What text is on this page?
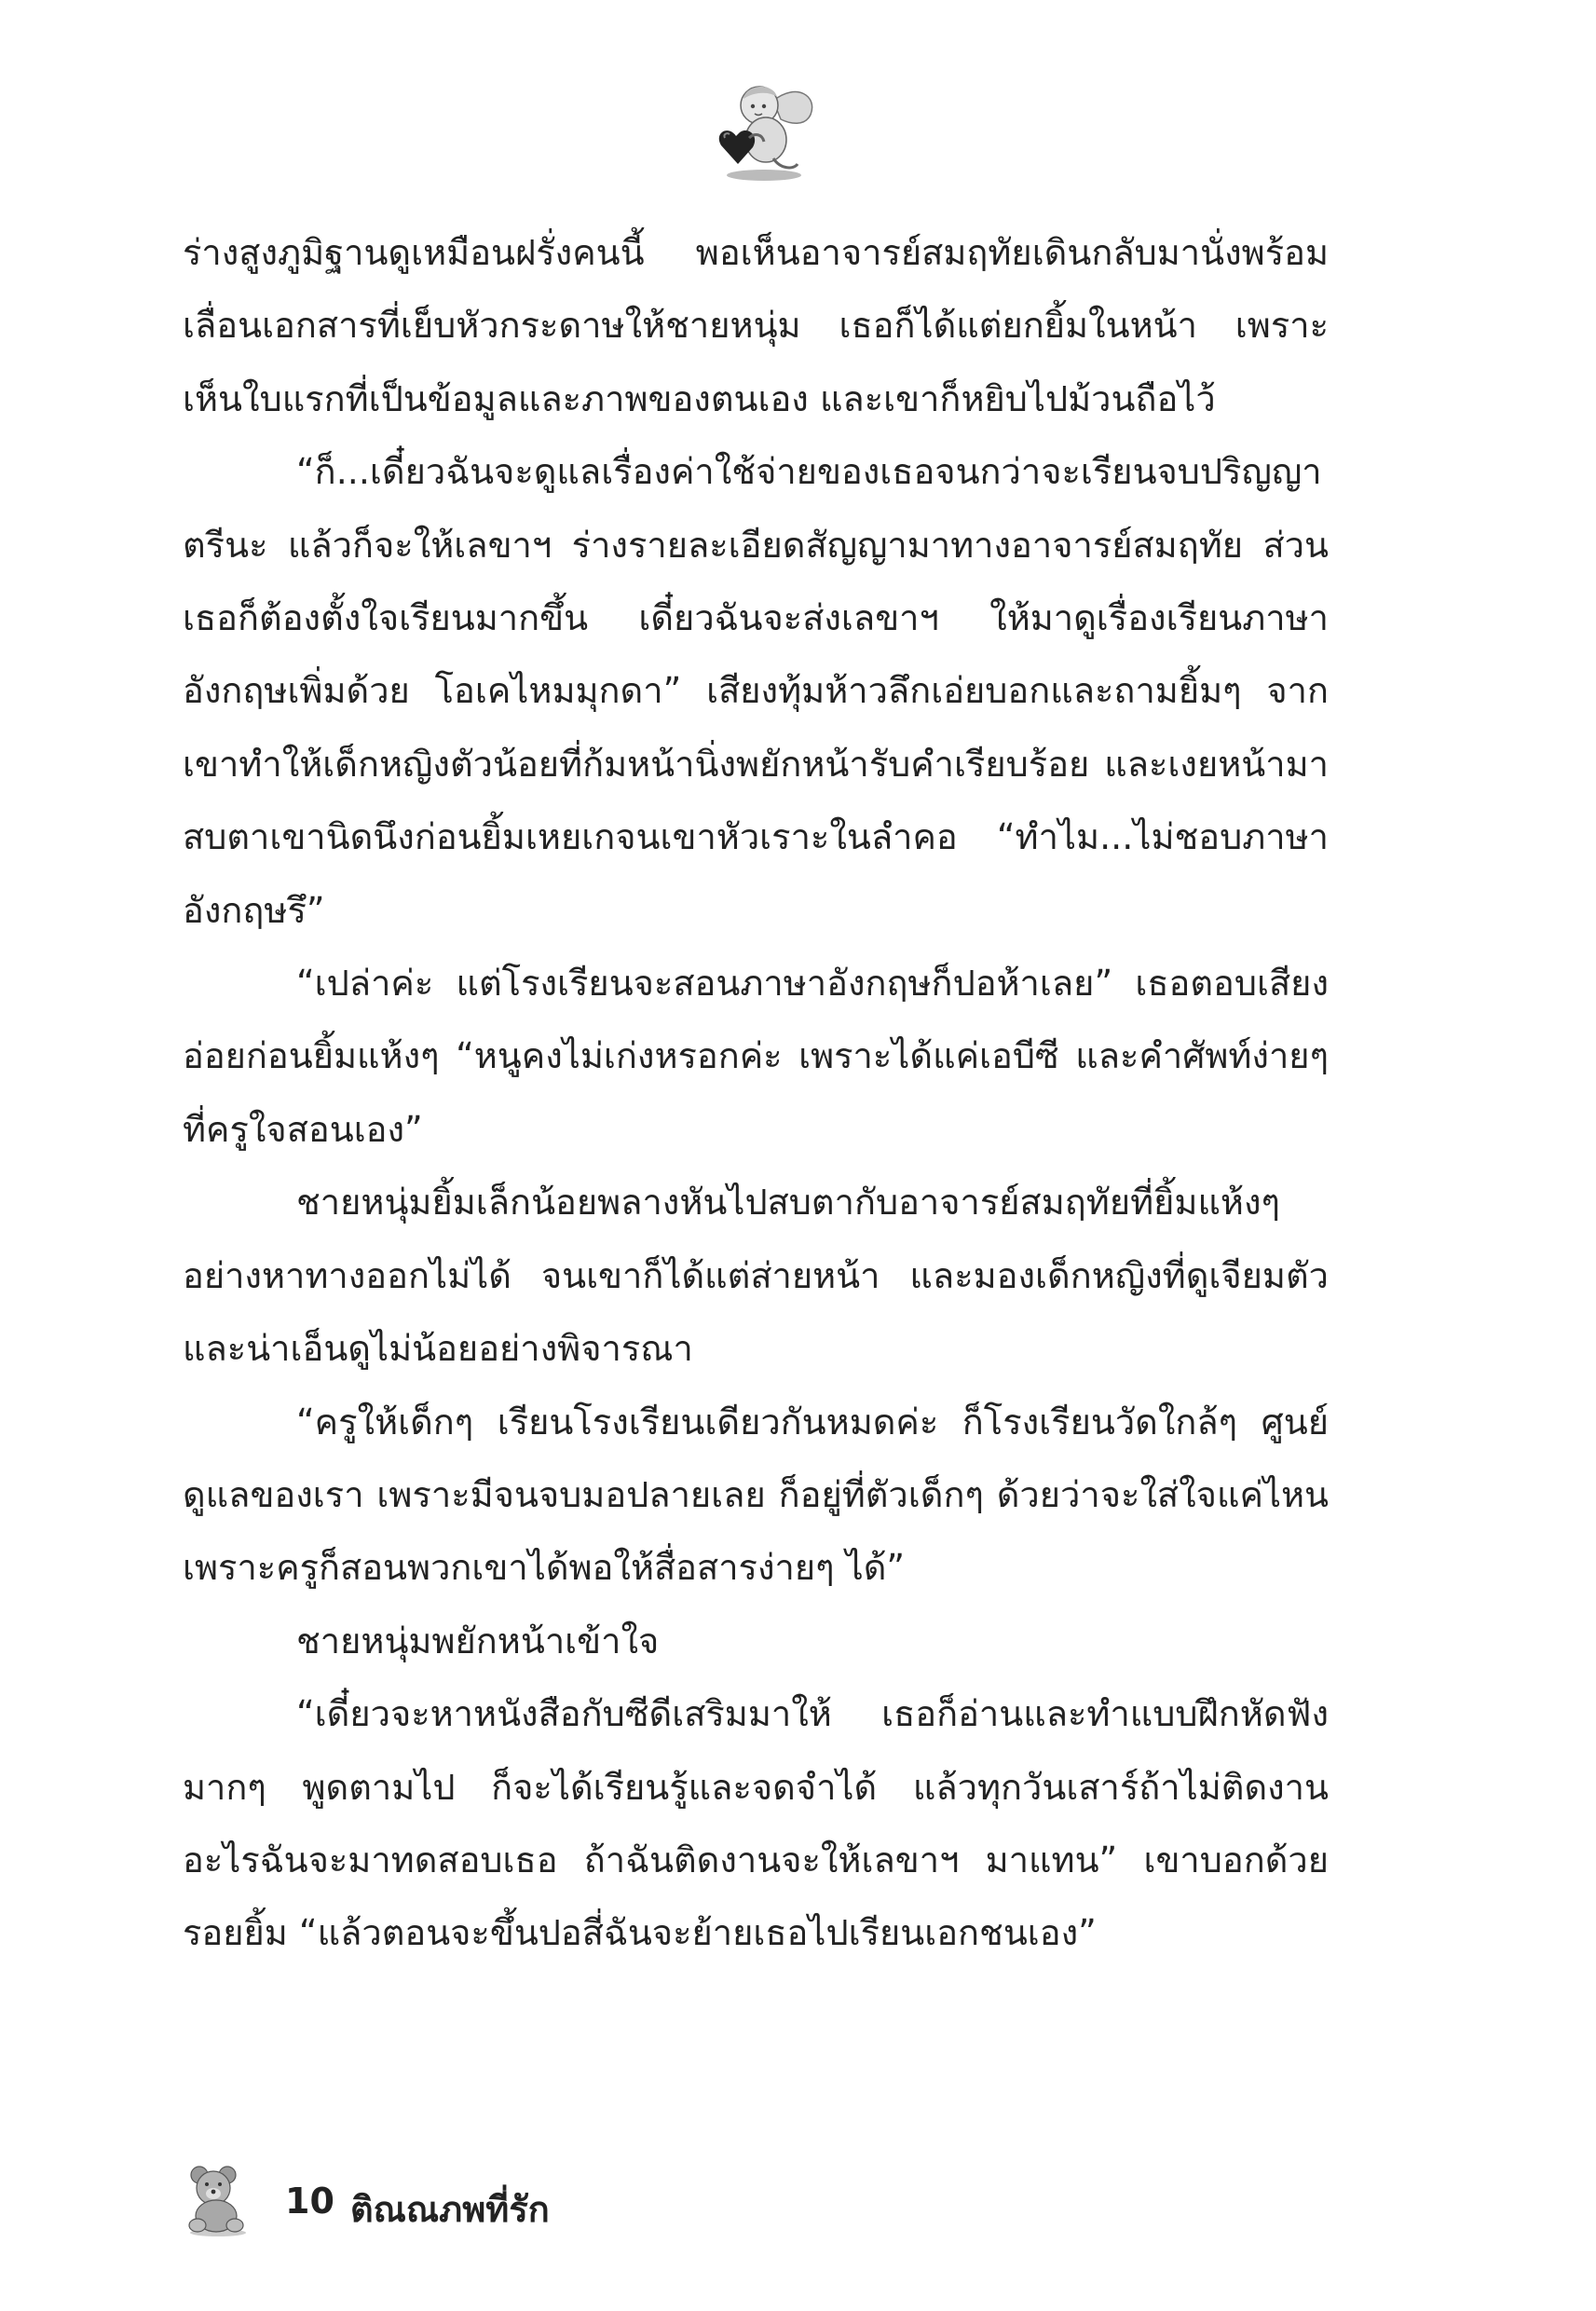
ร่างสูงภูมิฐานดูเหมือนฝรั่งคนนี้ พอเห็นอาจารย์สมฤทัยเดินกลับมานั่งพร้อมเลื่อนเอกสารที่เย็บหัวกระดาษให้ชายหนุ่ม เธอก็ได้แต่ยกยิ้มในหน้า เพราะเห็นใบแรกที่เป็นข้อมูลและภาพของตนเอง และเขาก็หยิบไปม้วนถือไว้

“ก็...เดี๋ยวฉันจะดูแลเรื่องค่าใช้จ่ายของเธอจนกว่าจะเรียนจบปริญญาตรีนะ แล้วก็จะให้เลขาฯ ร่างรายละเอียดสัญญามาทางอาจารย์สมฤทัย ส่วนเธอก็ต้องตั้งใจเรียนมากขึ้น เดี๋ยวฉันจะส่งเลขาฯ ให้มาดูเรื่องเรียนภาษาอังกฤษเพิ่มด้วย โอเคไหมมุกดา” เสียงทุ้มห้าวลึกเอ่ยบอกและถามยิ้มๆ จากเขาทำให้เด็กหญิงตัวน้อยที่ก้มหน้านิ่งพยักหน้ารับคำเรียบร้อย และเงยหน้ามาสบตาเขานิดนึงก่อนยิ้มเหยเกจนเขาหัวเราะในลำคอ “ทำไม...ไม่ชอบภาษาอังกฤษรึ”

“เปล่าค่ะ แต่โรงเรียนจะสอนภาษาอังกฤษก็ปอห้าเลย” เธอตอบเสียงอ่อยก่อนยิ้มแห้งๆ “หนูคงไม่เก่งหรอกค่ะ เพราะได้แค่เอบีซี และคำศัพท์ง่ายๆ ที่ครูใจสอนเอง”

ชายหนุ่มยิ้มเล็กน้อยพลางหันไปสบตากับอาจารย์สมฤทัยที่ยิ้มแห้งๆ อย่างหาทางออกไม่ได้ จนเขาก็ได้แต่ส่ายหน้า และมองเด็กหญิงที่ดูเจียมตัวและน่าเอ็นดูไม่น้อยอย่างพิจารณา

“ครูให้เด็กๆ เรียนโรงเรียนเดียวกันหมดค่ะ ก็โรงเรียนวัดใกล้ๆ ศูนย์ดูแลของเรา เพราะมีจนจบมอปลายเลย ก็อยู่ที่ตัวเด็กๆ ด้วยว่าจะใส่ใจแค่ไหน เพราะครูก็สอนพวกเขาได้พอให้สื่อสารง่ายๆ ได้”

ชายหนุ่มพยักหน้าเข้าใจ

“เดี๋ยวจะหาหนังสือกับซีดีเสริมมาให้ เธอก็อ่านและทำแบบฝึกหัดฟังมากๆ พูดตามไป ก็จะได้เรียนรู้และจดจำได้ แล้วทุกวันเสาร์ถ้าไม่ติดงานอะไรฉันจะมาทดสอบเธอ ถ้าฉันติดงานจะให้เลขาฯ มาแทน” เขาบอกด้วยรอยยิ้ม “แล้วตอนจะขึ้นปอสี่ฉันจะย้ายเธอไปเรียนเอกชนเอง”

10 ติณณภพที่รัก
